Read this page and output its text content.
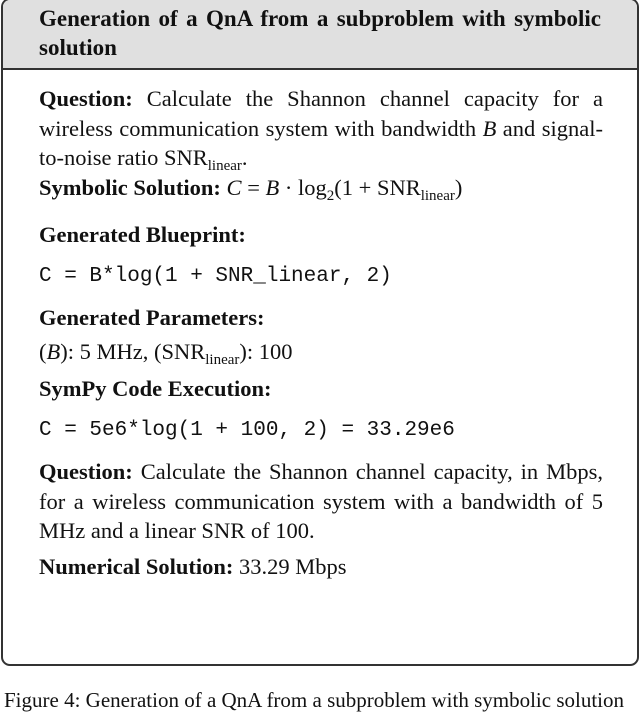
Generation of a QnA from a subproblem with symbolic solution

Question: Calculate the Shannon channel capacity for a wireless communication system with bandwidth B and signal-to-noise ratio $SNR_{linear}$.

Symbolic Solution: $C = B \cdot \log_2(1 + SNR_{linear})$

Generated Blueprint:

C = B*log(1 + SNR_linear, 2)

Generated Parameters:

(B): 5 MHz, $(SNR_{linear})$: 100

SymPy Code Execution:

C = 5e6*log(1 + 100, 2) = 33.29e6

Question: Calculate the Shannon channel capacity, in Mbps, for a wireless communication system with a bandwidth of 5 MHz and a linear SNR of 100.

Numerical Solution: 33.29 Mbps

Figure 4: Generation of a QnA from a subproblem with symbolic solution
